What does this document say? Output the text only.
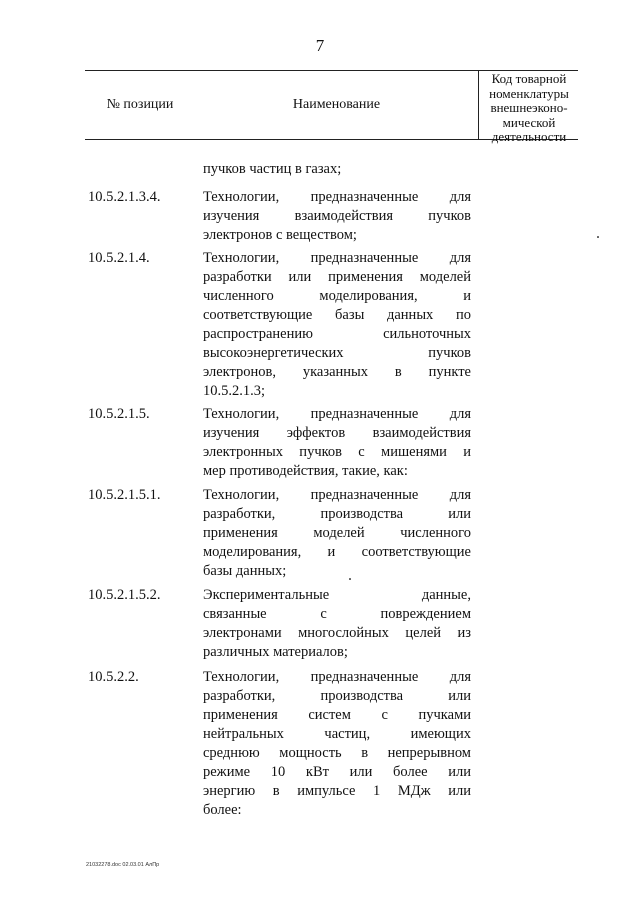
7
№ позиции	Наименование
Код товарной
номенклатуры
внешнеэконо-
мической
деятельности
пучков частиц в газах;
10.5.2.1.3.4.	Технологии, предназначенные для
изучения взаимодействия пучков
электронов с веществом;
10.5.2.1.4.	Технологии, предназначенные для
разработки или применения моделей
численного моделирования, и
соответствующие базы данных по
распространению сильноточных
высокоэнергетических пучков
электронов, указанных в пункте
10.5.2.1.3;
10.5.2.1.5.	Технологии, предназначенные для
изучения эффектов взаимодействия
электронных пучков с мишенями и
мер противодействия, такие, как:
10.5.2.1.5.1.	Технологии, предназначенные для
разработки, производства или
применения моделей численного
моделирования, и соответствующие
базы данных;
10.5.2.1.5.2.	Экспериментальные данные,
связанные с повреждением
электронами многослойных целей из
различных материалов;
10.5.2.2.	Технологии, предназначенные для
разработки, производства или
применения систем с пучками
нейтральных частиц, имеющих
среднюю мощность в непрерывном
режиме 10 кВт или более или
энергию в импульсе 1 МДж или
более:
21032278.doc 02.03.01 АлПр
